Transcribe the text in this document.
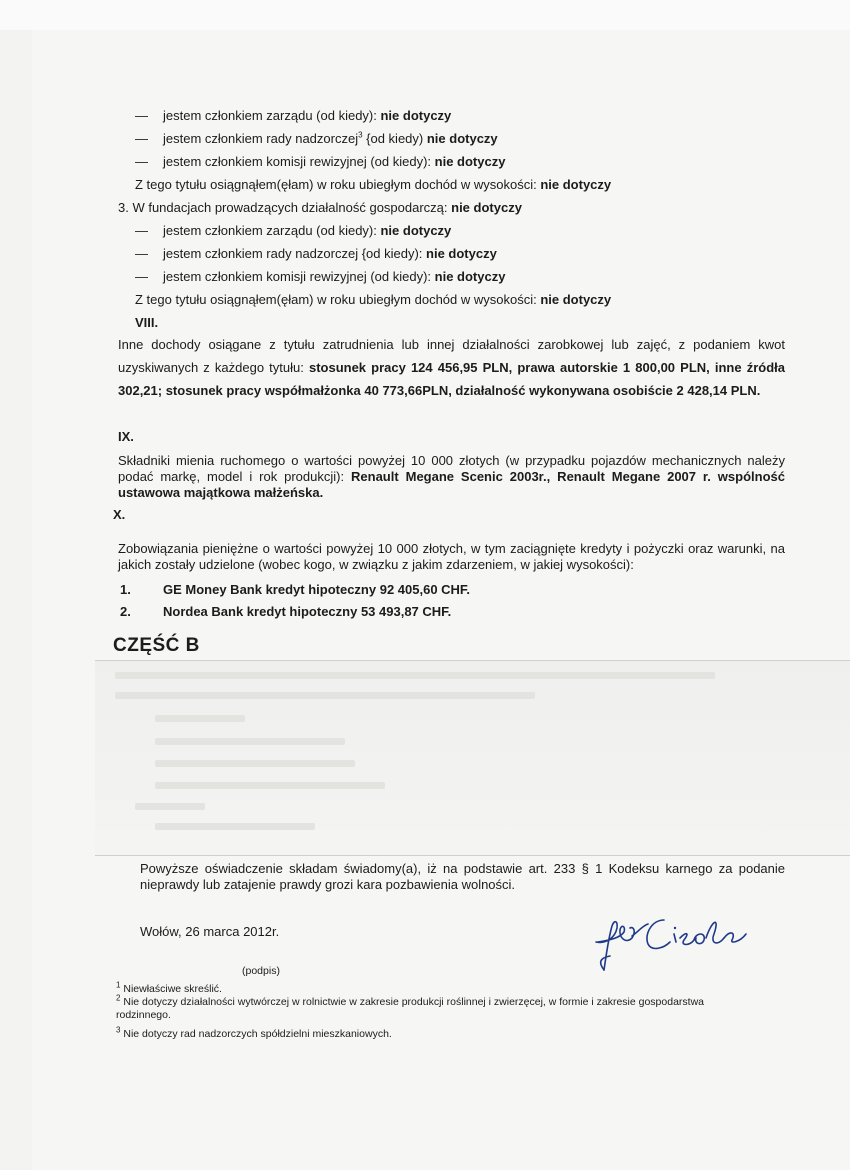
— jestem członkiem zarządu (od kiedy): nie dotyczy
— jestem członkiem rady nadzorczej$^3$ {od kiedy) nie dotyczy
— jestem członkiem komisji rewizyjnej (od kiedy): nie dotyczy
Z tego tytułu osiągnąłem(ęłam) w roku ubiegłym dochód w wysokości: nie dotyczy
3. W fundacjach prowadzących działalność gospodarczą: nie dotyczy
— jestem członkiem zarządu (od kiedy): nie dotyczy
— jestem członkiem rady nadzorczej {od kiedy): nie dotyczy
— jestem członkiem komisji rewizyjnej (od kiedy): nie dotyczy
Z tego tytułu osiągnąłem(ęłam) w roku ubiegłym dochód w wysokości: nie dotyczy
VIII.
Inne dochody osiągane z tytułu zatrudnienia lub innej działalności zarobkowej lub zajęć, z podaniem kwot uzyskiwanych z każdego tytułu: stosunek pracy 124 456,95 PLN, prawa autorskie 1 800,00 PLN, inne źródła 302,21; stosunek pracy współmałżonka 40 773,66PLN, działalność wykonywana osobiście 2 428,14 PLN.
IX.
Składniki mienia ruchomego o wartości powyżej 10 000 złotych (w przypadku pojazdów mechanicznych należy podać markę, model i rok produkcji): Renault Megane Scenic 2003r., Renault Megane 2007 r. wspólność ustawowa majątkowa małżeńska.
X.
Zobowiązania pieniężne o wartości powyżej 10 000 złotych, w tym zaciągnięte kredyty i pożyczki oraz warunki, na jakich zostały udzielone (wobec kogo, w związku z jakim zdarzeniem, w jakiej wysokości):
1. GE Money Bank kredyt hipoteczny 92 405,60 CHF.
2. Nordea Bank kredyt hipoteczny 53 493,87 CHF.
CZĘŚĆ B
Powyższe oświadczenie składam świadomy(a), iż na podstawie art. 233 § 1 Kodeksu karnego za podanie nieprawdy lub zatajenie prawdy grozi kara pozbawienia wolności.
Wołów, 26 marca 2012r.
(podpis)
$^1$ Niewłaściwe skreślić.
$^2$ Nie dotyczy działalności wytwórczej w rolnictwie w zakresie produkcji roślinnej i zwierzęcej, w formie i zakresie gospodarstwa rodzinnego.
$^3$ Nie dotyczy rad nadzorczych spółdzielni mieszkaniowych.
